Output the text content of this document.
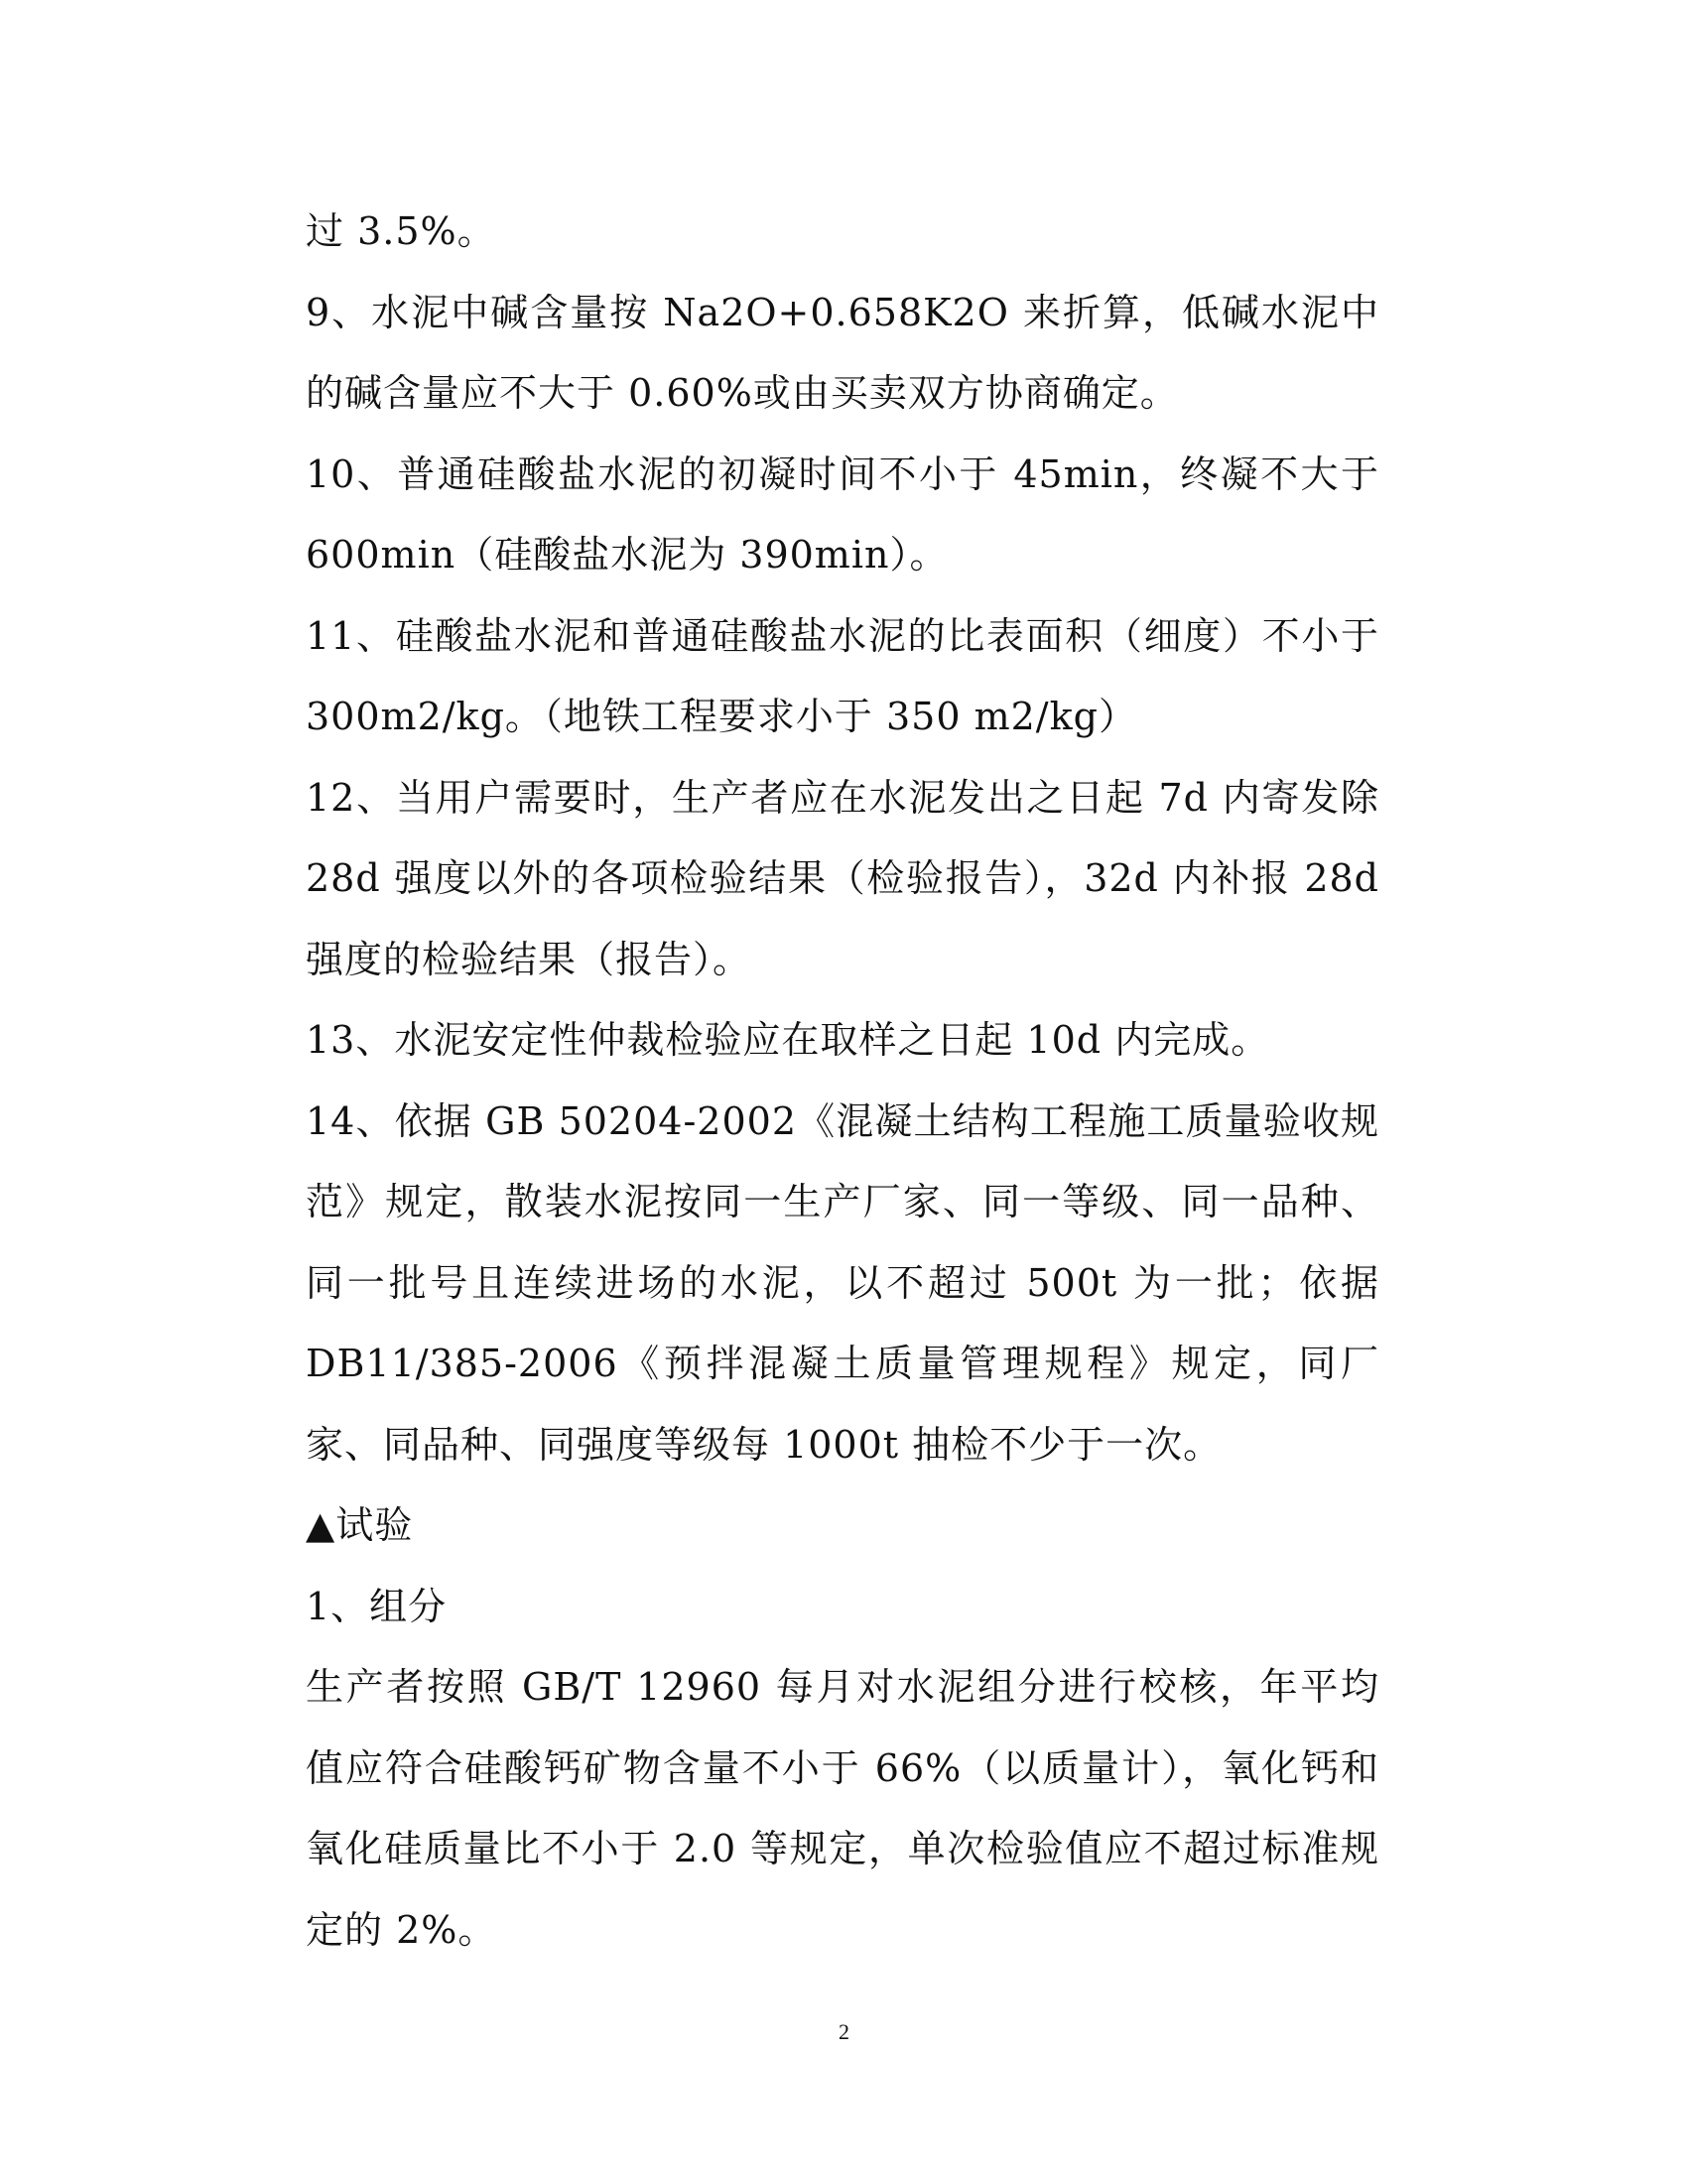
过 3.5%。

9、水泥中碱含量按 Na2O+0.658K2O 来折算，低碱水泥中的碱含量应不大于 0.60%或由买卖双方协商确定。

10、普通硅酸盐水泥的初凝时间不小于 45min，终凝不大于 600min（硅酸盐水泥为 390min）。

11、硅酸盐水泥和普通硅酸盐水泥的比表面积（细度）不小于 300m2/kg。（地铁工程要求小于 350 m2/kg）

12、当用户需要时，生产者应在水泥发出之日起 7d 内寄发除 28d 强度以外的各项检验结果（检验报告），32d 内补报 28d 强度的检验结果（报告）。

13、水泥安定性仲裁检验应在取样之日起 10d 内完成。

14、依据 GB 50204-2002《混凝土结构工程施工质量验收规范》规定，散装水泥按同一生产厂家、同一等级、同一品种、同一批号且连续进场的水泥，以不超过 500t 为一批；依据 DB11/385-2006《预拌混凝土质量管理规程》规定，同厂家、同品种、同强度等级每 1000t 抽检不少于一次。

▲试验

1、组分

生产者按照 GB/T 12960 每月对水泥组分进行校核，年平均值应符合硅酸钙矿物含量不小于 66%（以质量计），氧化钙和氧化硅质量比不小于 2.0 等规定，单次检验值应不超过标准规定的 2%。

2
